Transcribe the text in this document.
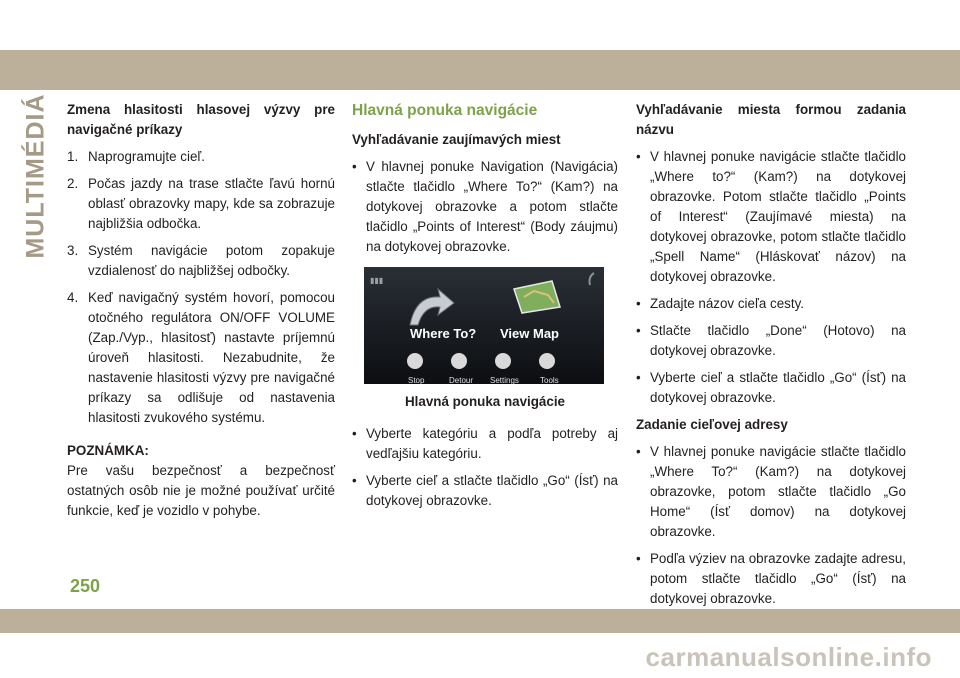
MULTIMÉDIÁ Zmena hlasitosti hlasovej výzvy pre navigačné príkazy

1. Naprogramujte cieľ.
2. Počas jazdy na trase stlačte ľavú hornú oblasť obrazovky mapy, kde sa zobrazuje najbližšia odbočka.
3. Systém navigácie potom zopakuje vzdialenosť do najbližšej odbočky.
4. Keď navigačný systém hovorí, pomocou otočného regulátora ON/OFF VOLUME (Zap./Vyp., hlasitosť) nastavte príjemnú úroveň hlasitosti. Nezabudnite, že nastavenie hlasitosti výzvy pre navigačné príkazy sa odlišuje od nastavenia hlasitosti zvukového systému.

POZNÁMKA:

Pre vašu bezpečnosť a bezpečnosť ostatných osôb nie je možné používať určité funkcie, keď je vozidlo v pohybe.

Hlavná ponuka navigácie

Vyhľadávanie zaujímavých miest

• V hlavnej ponuke Navigation (Navigácia) stlačte tlačidlo „Where To?“ (Kam?) na dotykovej obrazovke a potom stlačte tlačidlo „Points of Interest“ (Body záujmu) na dotykovej obrazovke.
▮▮▮
Where To? View Map
Stop	Detour Settings	Tools
Hlavná ponuka navigácie
• Vyberte kategóriu a podľa potreby aj vedľajšiu kategóriu.
• Vyberte cieľ a stlačte tlačidlo „Go“ (Ísť) na dotykovej obrazovke.

Vyhľadávanie miesta formou zadania názvu

• V hlavnej ponuke navigácie stlačte tlačidlo „Where to?“ (Kam?) na dotykovej obrazovke. Potom stlačte tlačidlo „Points of Interest“ (Zaujímavé miesta) na dotykovej obrazovke, potom stlačte tlačidlo „Spell Name“ (Hláskovať názov) na dotykovej obrazovke.
• Zadajte názov cieľa cesty.
• Stlačte tlačidlo „Done“ (Hotovo) na dotykovej obrazovke.
• Vyberte cieľ a stlačte tlačidlo „Go“ (Ísť) na dotykovej obrazovke.

Zadanie cieľovej adresy

• V hlavnej ponuke navigácie stlačte tlačidlo „Where To?“ (Kam?) na dotykovej obrazovke, potom stlačte tlačidlo „Go Home“ (Ísť domov) na dotykovej obrazovke.
• Podľa výziev na obrazovke zadajte adresu, potom stlačte tlačidlo „Go“ (Ísť) na dotykovej obrazovke.
250
carmanualsonline.info
